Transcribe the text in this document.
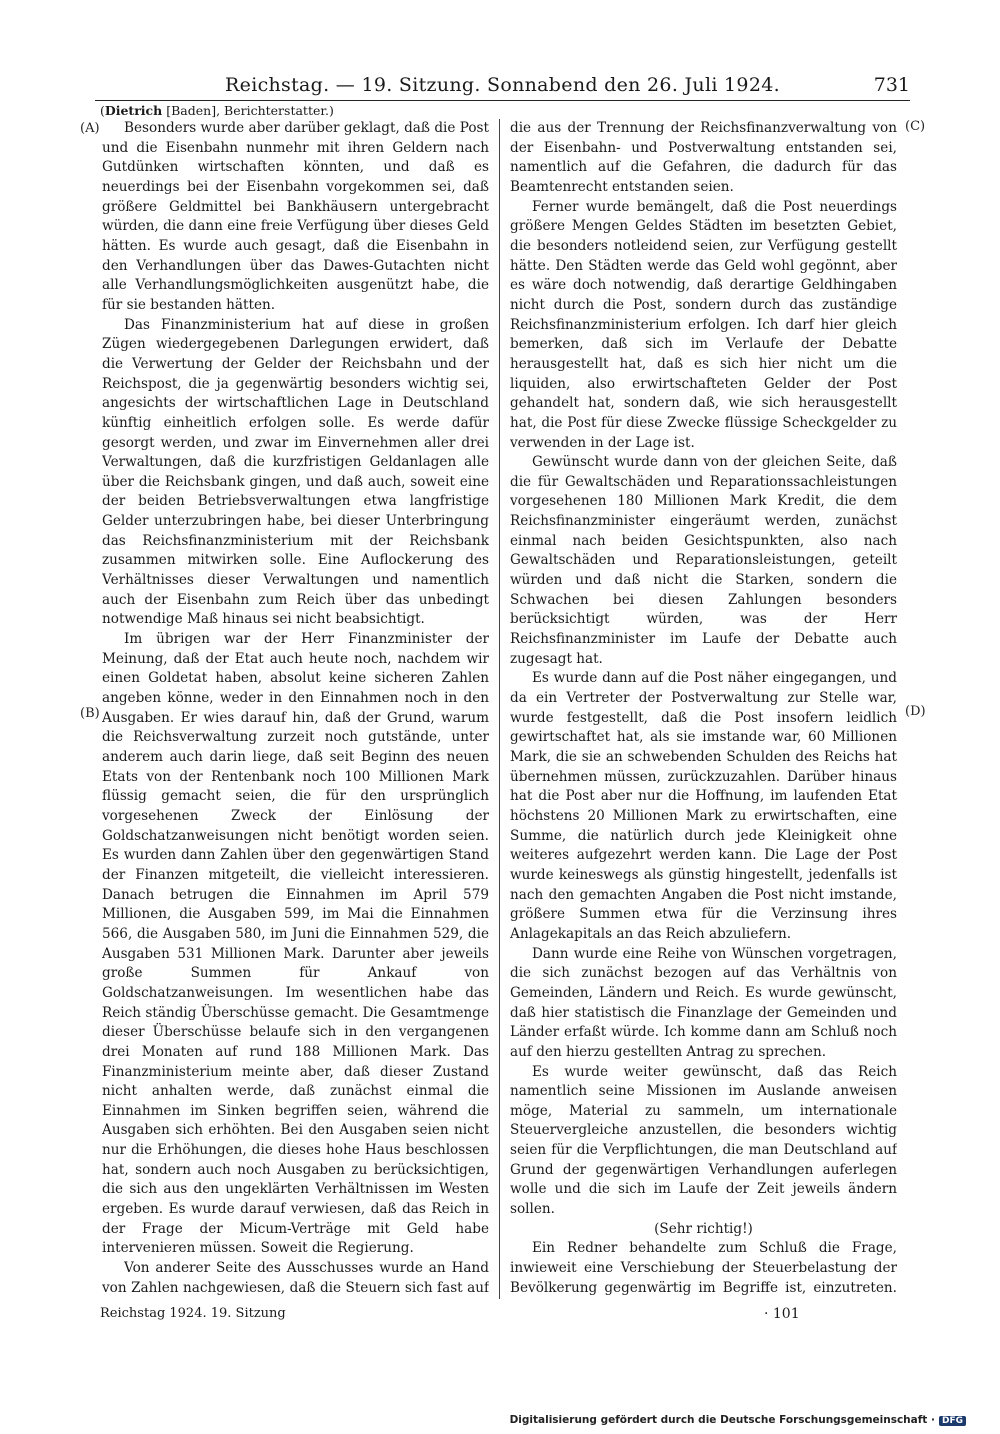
Reichstag. — 19. Sitzung. Sonnabend den 26. Juli 1924.	731
(Dietrich [Baden], Berichterstatter.)
(A)
(B)
(C)
(D)

Besonders wurde aber darüber geklagt, daß die Post und die Eisenbahn nunmehr mit ihren Geldern nach Gutdünken wirtschaften könnten, und daß es neuerdings bei der Eisenbahn vorgekommen sei, daß größere Geldmittel bei Bankhäusern untergebracht würden, die dann eine freie Verfügung über dieses Geld hätten. Es wurde auch gesagt, daß die Eisenbahn in den Verhandlungen über das Dawes-Gutachten nicht alle Verhandlungsmöglichkeiten ausgenützt habe, die für sie bestanden hätten.

Das Finanzministerium hat auf diese in großen Zügen wiedergegebenen Darlegungen erwidert, daß die Verwertung der Gelder der Reichsbahn und der Reichspost, die ja gegenwärtig besonders wichtig sei, angesichts der wirtschaftlichen Lage in Deutschland künftig einheitlich erfolgen solle. Es werde dafür gesorgt werden, und zwar im Einvernehmen aller drei Verwaltungen, daß die kurzfristigen Geldanlagen alle über die Reichsbank gingen, und daß auch, soweit eine der beiden Betriebsverwaltungen etwa langfristige Gelder unterzubringen habe, bei dieser Unterbringung das Reichsfinanzministerium mit der Reichsbank zusammen mitwirken solle. Eine Auflockerung des Verhältnisses dieser Verwaltungen und namentlich auch der Eisenbahn zum Reich über das unbedingt notwendige Maß hinaus sei nicht beabsichtigt.

Im übrigen war der Herr Finanzminister der Meinung, daß der Etat auch heute noch, nachdem wir einen Goldetat haben, absolut keine sicheren Zahlen angeben könne, weder in den Einnahmen noch in den Ausgaben. Er wies darauf hin, daß der Grund, warum die Reichsverwaltung zurzeit noch gutstände, unter anderem auch darin liege, daß seit Beginn des neuen Etats von der Rentenbank noch 100 Millionen Mark flüssig gemacht seien, die für den ursprünglich vorgesehenen Zweck der Einlösung der Goldschatzanweisungen nicht benötigt worden seien. Es wurden dann Zahlen über den gegenwärtigen Stand der Finanzen mitgeteilt, die vielleicht interessieren. Danach betrugen die Einnahmen im April 579 Millionen, die Ausgaben 599, im Mai die Einnahmen 566, die Ausgaben 580, im Juni die Einnahmen 529, die Ausgaben 531 Millionen Mark. Darunter aber jeweils große Summen für Ankauf von Goldschatzanweisungen. Im wesentlichen habe das Reich ständig Überschüsse gemacht. Die Gesamtmenge dieser Überschüsse belaufe sich in den vergangenen drei Monaten auf rund 188 Millionen Mark. Das Finanzministerium meinte aber, daß dieser Zustand nicht anhalten werde, daß zunächst einmal die Einnahmen im Sinken begriffen seien, während die Ausgaben sich erhöhten. Bei den Ausgaben seien nicht nur die Erhöhungen, die dieses hohe Haus beschlossen hat, sondern auch noch Ausgaben zu berücksichtigen, die sich aus den ungeklärten Verhältnissen im Westen ergeben. Es wurde darauf verwiesen, daß das Reich in der Frage der Micum-Verträge mit Geld habe intervenieren müssen. Soweit die Regierung.

Von anderer Seite des Ausschusses wurde an Hand von Zahlen nachgewiesen, daß die Steuern sich fast auf

die aus der Trennung der Reichsfinanzverwaltung von der Eisenbahn- und Postverwaltung entstanden sei, namentlich auf die Gefahren, die dadurch für das Beamtenrecht entstanden seien.

Ferner wurde bemängelt, daß die Post neuerdings größere Mengen Geldes Städten im besetzten Gebiet, die besonders notleidend seien, zur Verfügung gestellt hätte. Den Städten werde das Geld wohl gegönnt, aber es wäre doch notwendig, daß derartige Geldhingaben nicht durch die Post, sondern durch das zuständige Reichsfinanzministerium erfolgen. Ich darf hier gleich bemerken, daß sich im Verlaufe der Debatte herausgestellt hat, daß es sich hier nicht um die liquiden, also erwirtschafteten Gelder der Post gehandelt hat, sondern daß, wie sich herausgestellt hat, die Post für diese Zwecke flüssige Scheckgelder zu verwenden in der Lage ist.

Gewünscht wurde dann von der gleichen Seite, daß die für Gewaltschäden und Reparationssachleistungen vorgesehenen 180 Millionen Mark Kredit, die dem Reichsfinanzminister eingeräumt werden, zunächst einmal nach beiden Gesichtspunkten, also nach Gewaltschäden und Reparationsleistungen, geteilt würden und daß nicht die Starken, sondern die Schwachen bei diesen Zahlungen besonders berücksichtigt würden, was der Herr Reichsfinanzminister im Laufe der Debatte auch zugesagt hat.

Es wurde dann auf die Post näher eingegangen, und da ein Vertreter der Postverwaltung zur Stelle war, wurde festgestellt, daß die Post insofern leidlich gewirtschaftet hat, als sie imstande war, 60 Millionen Mark, die sie an schwebenden Schulden des Reichs hat übernehmen müssen, zurückzuzahlen. Darüber hinaus hat die Post aber nur die Hoffnung, im laufenden Etat höchstens 20 Millionen Mark zu erwirtschaften, eine Summe, die natürlich durch jede Kleinigkeit ohne weiteres aufgezehrt werden kann. Die Lage der Post wurde keineswegs als günstig hingestellt, jedenfalls ist nach den gemachten Angaben die Post nicht imstande, größere Summen etwa für die Verzinsung ihres Anlagekapitals an das Reich abzuliefern.

Dann wurde eine Reihe von Wünschen vorgetragen, die sich zunächst bezogen auf das Verhältnis von Gemeinden, Ländern und Reich. Es wurde gewünscht, daß hier statistisch die Finanzlage der Gemeinden und Länder erfaßt würde. Ich komme dann am Schluß noch auf den hierzu gestellten Antrag zu sprechen.

Es wurde weiter gewünscht, daß das Reich namentlich seine Missionen im Auslande anweisen möge, Material zu sammeln, um internationale Steuervergleiche anzustellen, die besonders wichtig seien für die Verpflichtungen, die man Deutschland auf Grund der gegenwärtigen Verhandlungen auferlegen wolle und die sich im Laufe der Zeit jeweils ändern sollen.

(Sehr richtig!)

Ein Redner behandelte zum Schluß die Frage, inwieweit eine Verschiebung der Steuerbelastung der Bevölkerung gegenwärtig im Begriffe ist, einzutreten.

Reichstag 1924. 19. Sitzung	· 101
Digitalisierung gefördert durch die Deutsche Forschungsgemeinschaft · DFG
